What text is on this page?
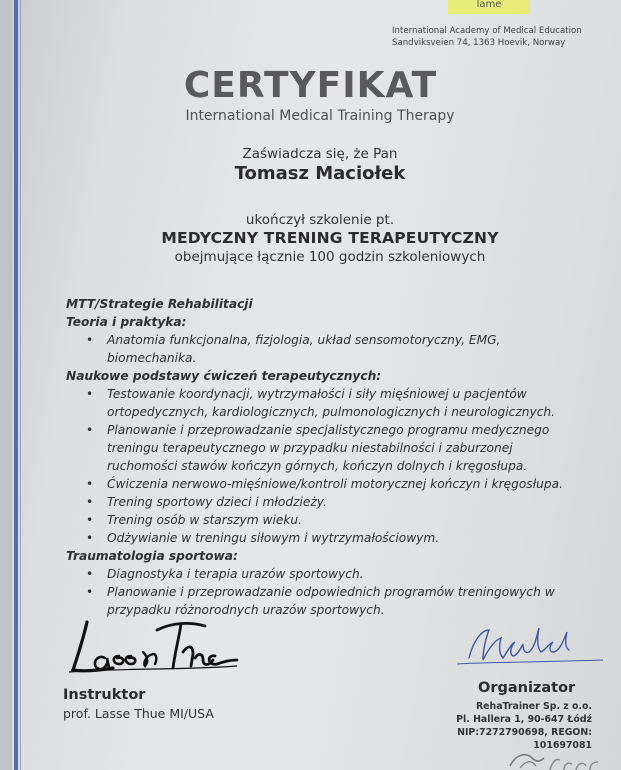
lame
International Academy of Medical Education
Sandviksveien 74, 1363 Hoevik, Norway
CERTYFIKAT
International Medical Training Therapy
Zaświadcza się, że Pan
Tomasz Maciołek
ukończył szkolenie pt.
MEDYCZNY TRENING TERAPEUTYCZNY
obejmujące łącznie 100 godzin szkoleniowych
MTT/Strategie Rehabilitacji
Teoria i praktyka:
• Anatomia funkcjonalna, fizjologia, układ sensomotoryczny, EMG, biomechanika.
Naukowe podstawy ćwiczeń terapeutycznych:
• Testowanie koordynacji, wytrzymałości i siły mięśniowej u pacjentów ortopedycznych, kardiologicznych, pulmonologicznych i neurologicznych.
• Planowanie i przeprowadzanie specjalistycznego programu medycznego treningu terapeutycznego w przypadku niestabilności i zaburzonej ruchomości stawów kończyn górnych, kończyn dolnych i kręgosłupa.
• Ćwiczenia nerwowo-mięśniowe/kontroli motorycznej kończyn i kręgosłupa.
• Trening sportowy dzieci i młodzieży.
• Trening osób w starszym wieku.
• Odżywianie w treningu siłowym i wytrzymałościowym.
Traumatologia sportowa:
• Diagnostyka i terapia urazów sportowych.
• Planowanie i przeprowadzanie odpowiednich programów treningowych w przypadku różnorodnych urazów sportowych.
Instruktor
prof. Lasse Thue MI/USA
Organizator
RehaTrainer Sp. z o.o.
Pl. Hallera 1, 90-647 Łódź
NIP:7272790698, REGON: 101697081
